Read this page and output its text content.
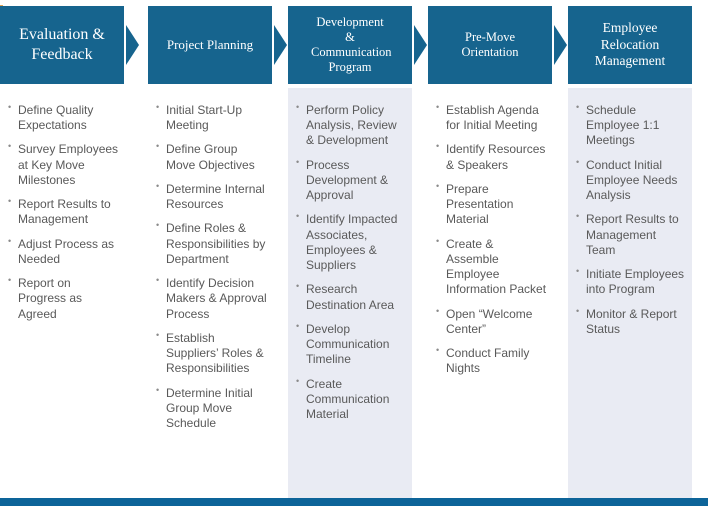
Project Planning
• Initial Start-Up Meeting
• Define Group Move Objectives
• Determine Internal Resources
• Define Roles & Responsibilities by Department
• Identify Decision Makers & Approval Process
• Establish Suppliers’ Roles & Responsibilities
• Determine Initial Group Move Schedule
Development & Communication Program
• Perform Policy Analysis, Review & Development
• Process Development & Approval
• Identify Impacted Associates, Employees & Suppliers
• Research Destination Area
• Develop Communication Timeline
• Create Communication Material
Pre-Move Orientation
• Establish Agenda for Initial Meeting
• Identify Resources & Speakers
• Prepare Presentation Material
• Create & Assemble Employee Information Packet
• Open “Welcome Center”
• Conduct Family Nights
Employee Relocation Management
• Schedule Employee 1:1 Meetings
• Conduct Initial Employee Needs Analysis
• Report Results to Management Team
• Initiate Employees into Program
• Monitor & Report Status
Evaluation & Feedback
• Define Quality Expectations
• Survey Employees at Key Move Milestones
• Report Results to Management
• Adjust Process as Needed
• Report on Progress as Agreed
